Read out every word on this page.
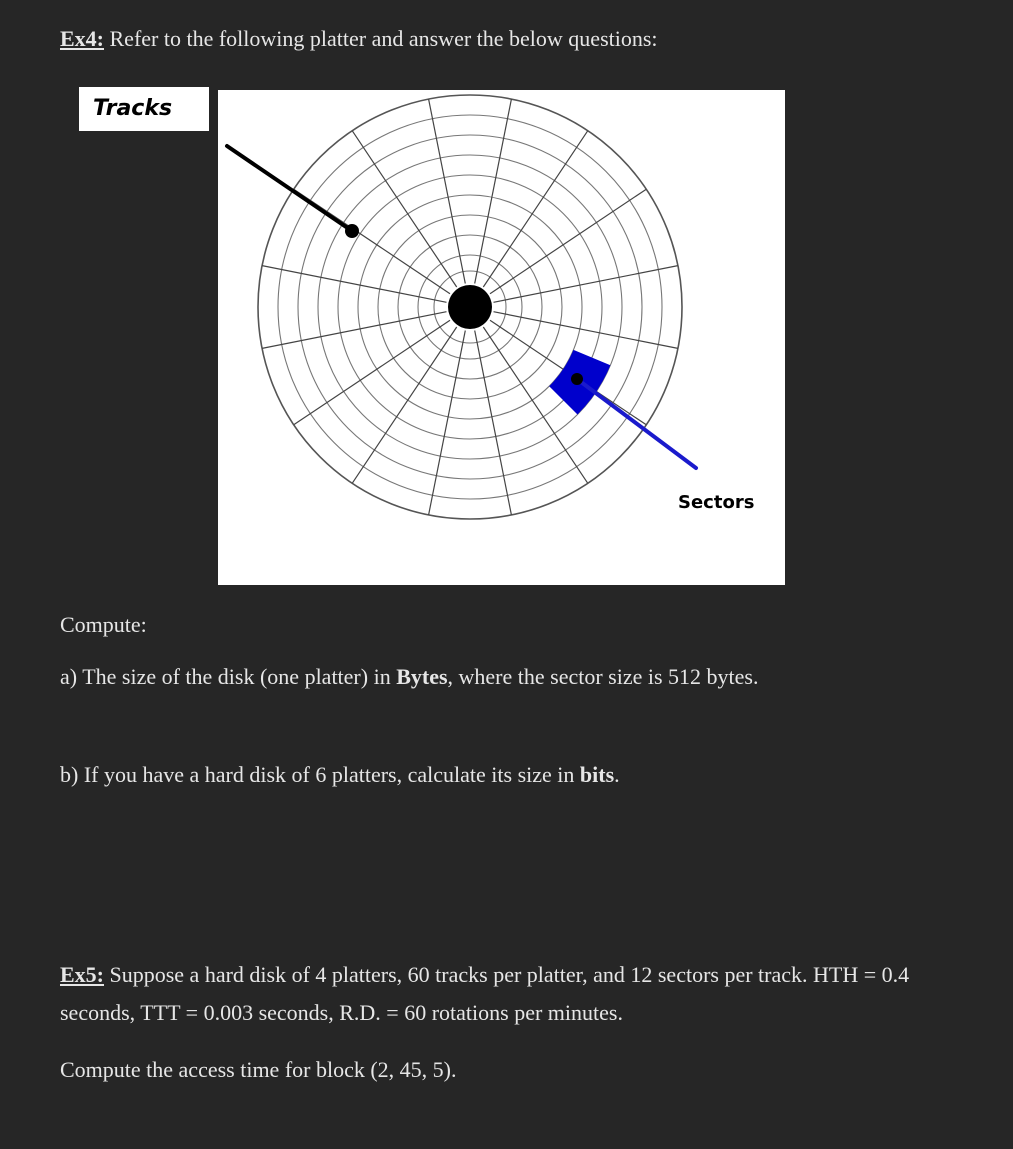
Ex4: Refer to the following platter and answer the below questions:
Tracks
Sectors
Compute:
a) The size of the disk (one platter) in Bytes, where the sector size is 512 bytes.
b) If you have a hard disk of 6 platters, calculate its size in bits.
Ex5: Suppose a hard disk of 4 platters, 60 tracks per platter, and 12 sectors per track. HTH = 0.4
seconds, TTT = 0.003 seconds, R.D. = 60 rotations per minutes.
Compute the access time for block (2, 45, 5).
